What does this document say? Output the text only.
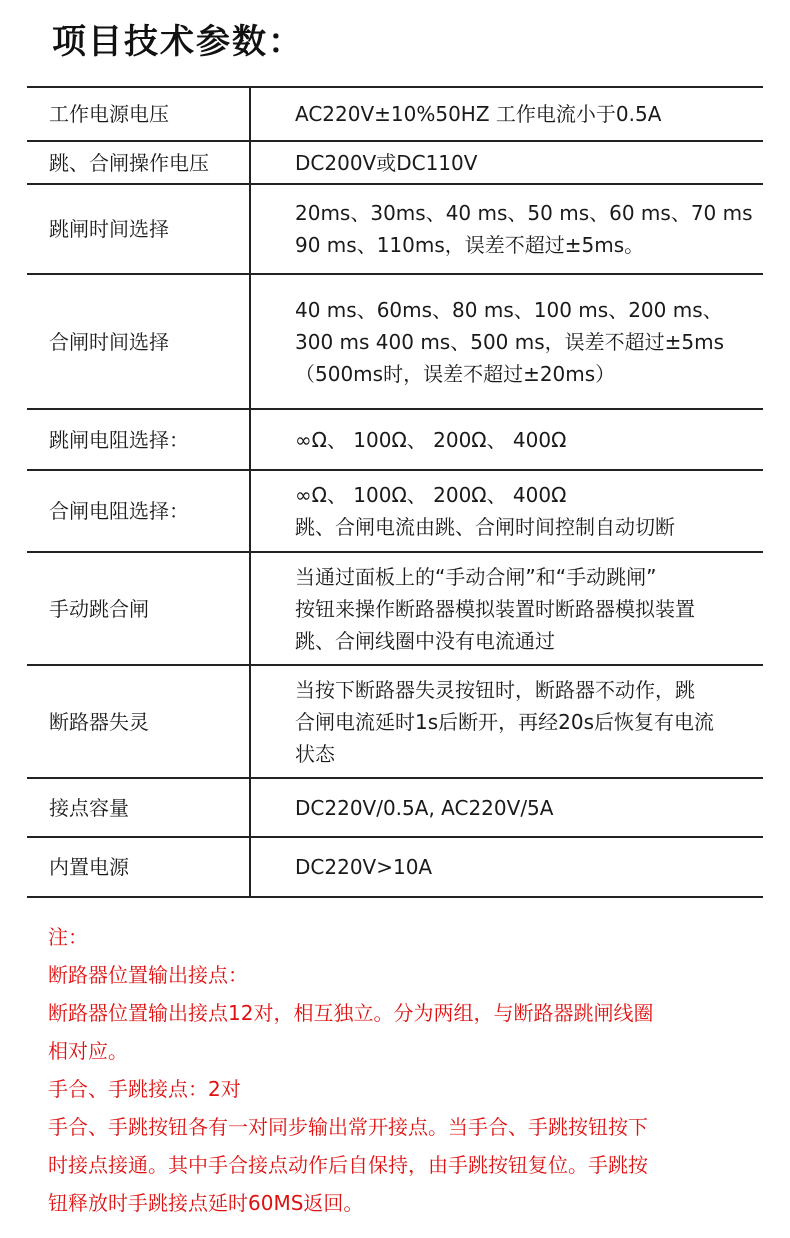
项目技术参数：
工作电源电压	AC220V±10%50HZ 工作电流小于0.5A

跳、合闸操作电压	DC200V或DC110V

跳闸时间选择	20ms、30ms、40 ms、50 ms、60 ms、70 ms
90 ms、110ms，误差不超过±5ms。

合闸时间选择	40 ms、60ms、80 ms、100 ms、200 ms、
300 ms 400 ms、500 ms，误差不超过±5ms
（500ms时，误差不超过±20ms）

跳闸电阻选择：	∞Ω、 100Ω、 200Ω、 400Ω

合闸电阻选择：	∞Ω、 100Ω、 200Ω、 400Ω
跳、合闸电流由跳、合闸时间控制自动切断

手动跳合闸	当通过面板上的“手动合闸”和“手动跳闸”
按钮来操作断路器模拟装置时断路器模拟装置
跳、合闸线圈中没有电流通过

断路器失灵	当按下断路器失灵按钮时，断路器不动作，跳
合闸电流延时1s后断开，再经20s后恢复有电流
状态

接点容量	DC220V/0.5A, AC220V/5A

内置电源	DC220V>10A
注：
断路器位置输出接点：
断路器位置输出接点12对，相互独立。分为两组，与断路器跳闸线圈
相对应。
手合、手跳接点：2对
手合、手跳按钮各有一对同步输出常开接点。当手合、手跳按钮按下
时接点接通。其中手合接点动作后自保持，由手跳按钮复位。手跳按
钮释放时手跳接点延时60MS返回。
